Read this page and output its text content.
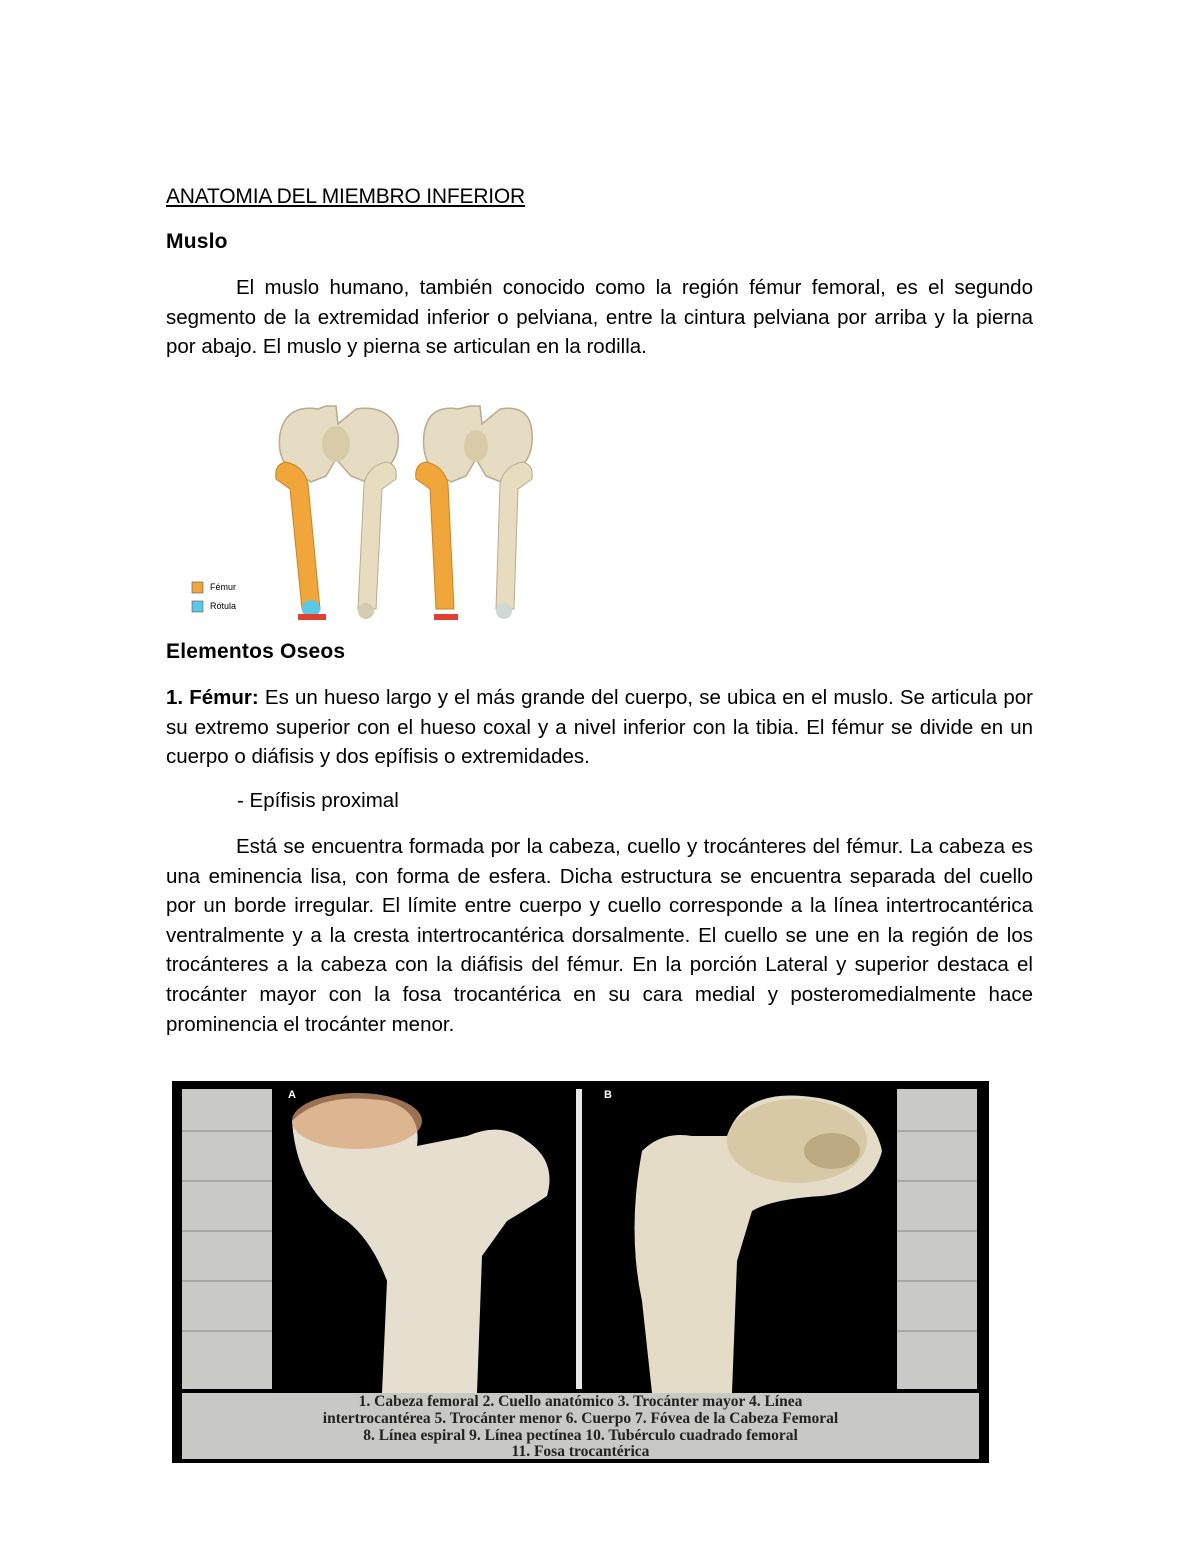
ANATOMIA DEL MIEMBRO INFERIOR
Muslo
El muslo humano, también conocido como la región fémur femoral, es el segundo segmento de la extremidad inferior o pelviana, entre la cintura pelviana por arriba y la pierna por abajo. El muslo y pierna se articulan en la rodilla.
Fémur
Rótula
Elementos Oseos
1. Fémur: Es un hueso largo y el más grande del cuerpo, se ubica en el muslo. Se articula por su extremo superior con el hueso coxal y a nivel inferior con la tibia. El fémur se divide en un cuerpo o diáfisis y dos epífisis o extremidades.
- Epífisis proximal
Está se encuentra formada por la cabeza, cuello y trocánteres del fémur. La cabeza es una eminencia lisa, con forma de esfera. Dicha estructura se encuentra separada del cuello por un borde irregular. El límite entre cuerpo y cuello corresponde a la línea intertrocantérica ventralmente y a la cresta intertrocantérica dorsalmente. El cuello se une en la región de los trocánteres a la cabeza con la diáfisis del fémur. En la porción Lateral y superior destaca el trocánter mayor con la fosa trocantérica en su cara medial y posteromedialmente hace prominencia el trocánter menor.
A	B
1. Cabeza femoral 2. Cuello anatómico 3. Trocánter mayor 4. Línea
intertrocantérea 5. Trocánter menor 6. Cuerpo 7. Fóvea de la Cabeza Femoral
8. Línea espiral 9. Línea pectínea 10. Tubérculo cuadrado femoral
11. Fosa trocantérica
